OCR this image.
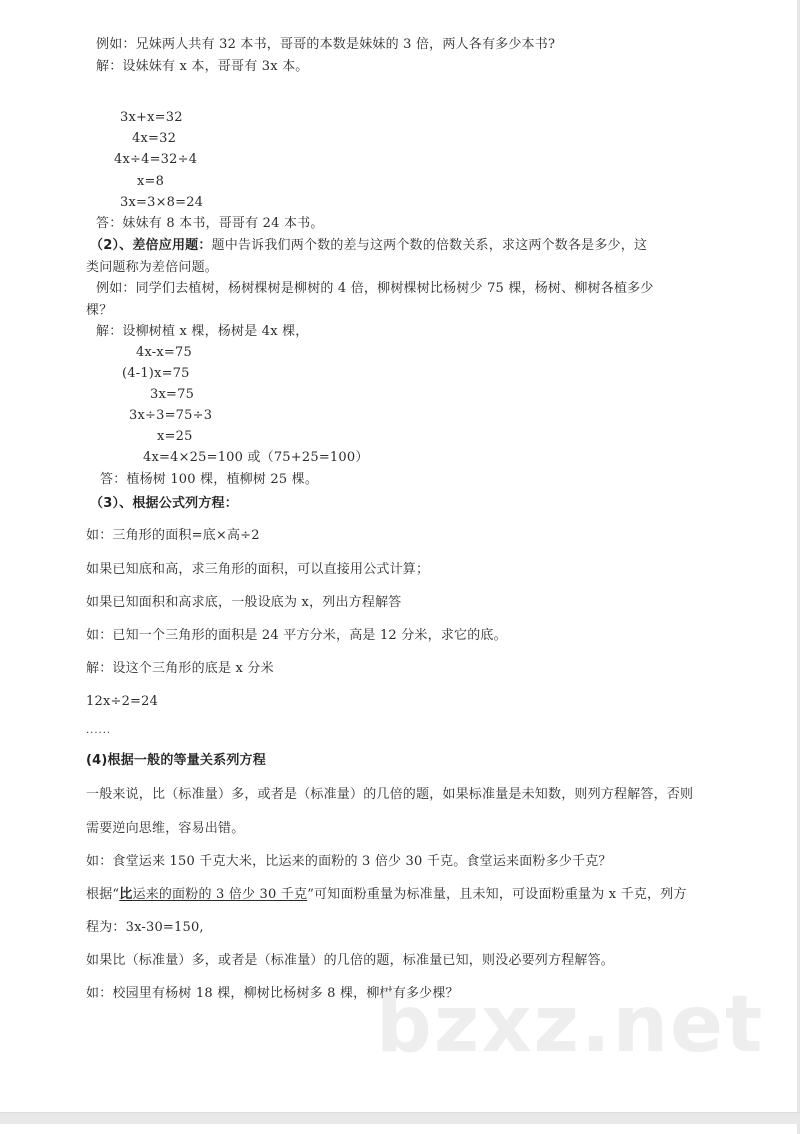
例如：兄妹两人共有 32 本书，哥哥的本数是妹妹的 3 倍，两人各有多少本书?
解：设妹妹有 x 本，哥哥有 3x 本。
3x+x=32
4x=32
4x÷4=32÷4
x=8
3x=3×8=24
答：妹妹有 8 本书，哥哥有 24 本书。
（2）、差倍应用题：题中告诉我们两个数的差与这两个数的倍数关系，求这两个数各是多少，这
类问题称为差倍问题。
例如：同学们去植树，杨树棵树是柳树的 4 倍，柳树棵树比杨树少 75 棵，杨树、柳树各植多少
棵？
解：设柳树植 x 棵，杨树是 4x 棵，
4x-x=75
(4-1)x=75
3x=75
3x÷3=75÷3
x=25
4x=4×25=100 或（75+25=100）
答：植杨树 100 棵，植柳树 25 棵。
（3）、根据公式列方程：
如：三角形的面积=底×高÷2
如果已知底和高，求三角形的面积，可以直接用公式计算；
如果已知面积和高求底，一般设底为 x，列出方程解答
如：已知一个三角形的面积是 24 平方分米，高是 12 分米，求它的底。
解：设这个三角形的底是 x 分米
12x÷2=24
......
(4)根据一般的等量关系列方程
一般来说，比（标准量）多，或者是（标准量）的几倍的题，如果标准量是未知数，则列方程解答，否则
需要逆向思维，容易出错。
如：食堂运来 150 千克大米，比运来的面粉的 3 倍少 30 千克。食堂运来面粉多少千克？
根据“比运来的面粉的 3 倍少 30 千克”可知面粉重量为标准量，且未知，可设面粉重量为 x 千克，列方
程为：3x-30=150,
如果比（标准量）多，或者是（标准量）的几倍的题，标准量已知，则没必要列方程解答。
如：校园里有杨树 18 棵，柳树比杨树多 8 棵，柳树有多少棵？
bzxz.net
